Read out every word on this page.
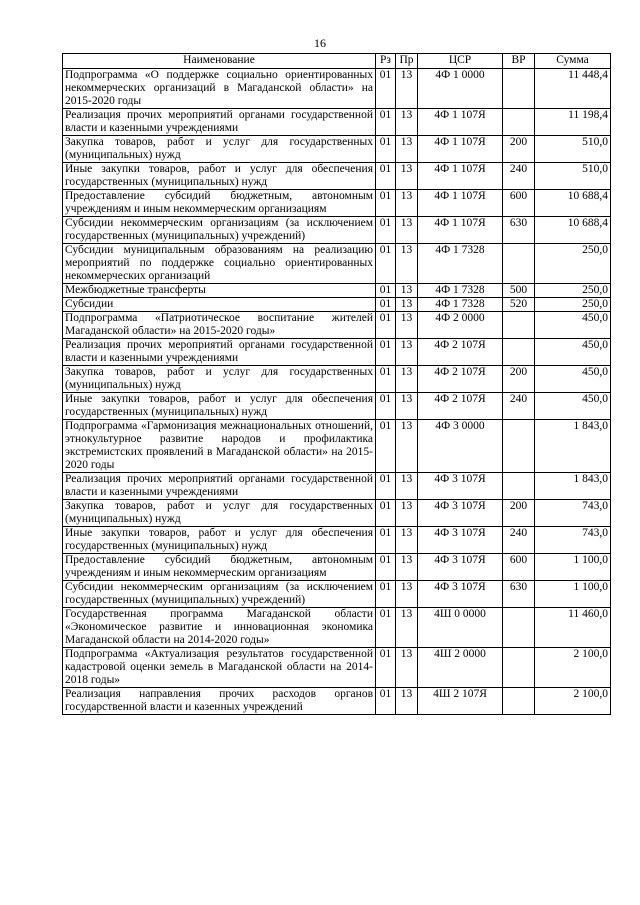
16
Наименование	Рз	Пр	ЦСР	ВР	Сумма
Подпрограмма «О поддержке социально ориентированных некоммерческих организаций в Магаданской области» на 2015-2020 годы	01	13	4Ф 1 0000		11 448,4
Реализация прочих мероприятий органами государственной власти и казенными учреждениями	01	13	4Ф 1 107Я		11 198,4
Закупка товаров, работ и услуг для государственных (муниципальных) нужд	01	13	4Ф 1 107Я	200	510,0
Иные закупки товаров, работ и услуг для обеспечения государственных (муниципальных) нужд	01	13	4Ф 1 107Я	240	510,0
Предоставление субсидий бюджетным, автономным учреждениям и иным некоммерческим организациям	01	13	4Ф 1 107Я	600	10 688,4
Субсидии некоммерческим организациям (за исключением государственных (муниципальных) учреждений)	01	13	4Ф 1 107Я	630	10 688,4
Субсидии муниципальным образованиям на реализацию мероприятий по поддержке социально ориентированных некоммерческих организаций	01	13	4Ф 1 7328		250,0
Межбюджетные трансферты	01	13	4Ф 1 7328	500	250,0
Субсидии	01	13	4Ф 1 7328	520	250,0
Подпрограмма «Патриотическое воспитание жителей Магаданской области» на 2015-2020 годы»	01	13	4Ф 2 0000		450,0
Реализация прочих мероприятий органами государственной власти и казенными учреждениями	01	13	4Ф 2 107Я		450,0
Закупка товаров, работ и услуг для государственных (муниципальных) нужд	01	13	4Ф 2 107Я	200	450,0
Иные закупки товаров, работ и услуг для обеспечения государственных (муниципальных) нужд	01	13	4Ф 2 107Я	240	450,0
Подпрограмма «Гармонизация межнациональных отношений, этнокультурное развитие народов и профилактика экстремистских проявлений в Магаданской области» на 2015-2020 годы	01	13	4Ф 3 0000		1 843,0
Реализация прочих мероприятий органами государственной власти и казенными учреждениями	01	13	4Ф 3 107Я		1 843,0
Закупка товаров, работ и услуг для государственных (муниципальных) нужд	01	13	4Ф 3 107Я	200	743,0
Иные закупки товаров, работ и услуг для обеспечения государственных (муниципальных) нужд	01	13	4Ф 3 107Я	240	743,0
Предоставление субсидий бюджетным, автономным учреждениям и иным некоммерческим организациям	01	13	4Ф 3 107Я	600	1 100,0
Субсидии некоммерческим организациям (за исключением государственных (муниципальных) учреждений)	01	13	4Ф 3 107Я	630	1 100,0
Государственная программа Магаданской области «Экономическое развитие и инновационная экономика Магаданской области на 2014-2020 годы»	01	13	4Ш 0 0000		11 460,0
Подпрограмма «Актуализация результатов государственной кадастровой оценки земель в Магаданской области на 2014-2018 годы»	01	13	4Ш 2 0000		2 100,0
Реализация направления прочих расходов органов государственной власти и казенных учреждений	01	13	4Ш 2 107Я		2 100,0
